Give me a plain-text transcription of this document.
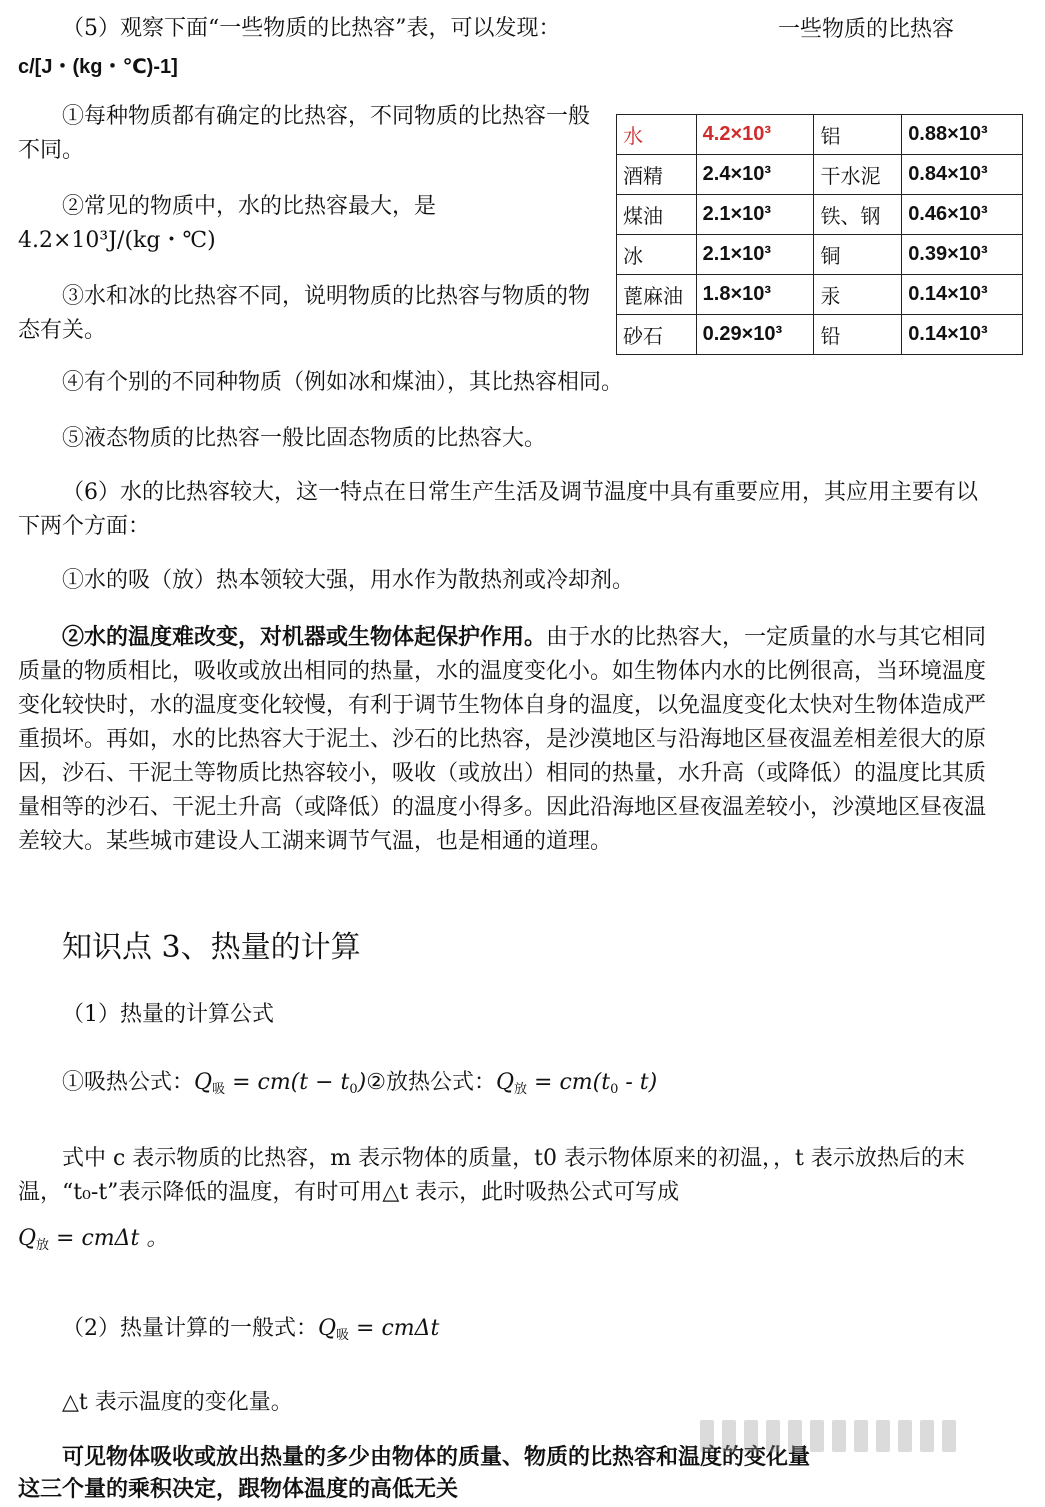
（5）观察下面“一些物质的比热容”表，可以发现：	一些物质的比热容
c/[J・(kg・℃)-1]
①每种物质都有确定的比热容，不同物质的比热容一般不同。
②常见的物质中，水的比热容最大，是 4.2×10³J/(kg・℃)
③水和冰的比热容不同，说明物质的比热容与物质的物态有关。
④有个别的不同种物质（例如冰和煤油），其比热容相同。
⑤液态物质的比热容一般比固态物质的比热容大。
水	4.2×10³	铝	0.88×10³
酒精	2.4×10³	干水泥	0.84×10³
煤油	2.1×10³	铁、钢	0.46×10³
冰	2.1×10³	铜	0.39×10³
蓖麻油	1.8×10³	汞	0.14×10³
砂石	0.29×10³	铅	0.14×10³
（6）水的比热容较大，这一特点在日常生产生活及调节温度中具有重要应用，其应用主要有以下两个方面：
①水的吸（放）热本领较大强，用水作为散热剂或冷却剂。
②水的温度难改变，对机器或生物体起保护作用。由于水的比热容大，一定质量的水与其它相同质量的物质相比，吸收或放出相同的热量，水的温度变化小。如生物体内水的比例很高，当环境温度变化较快时，水的温度变化较慢，有利于调节生物体自身的温度，以免温度变化太快对生物体造成严重损坏。再如，水的比热容大于泥土、沙石的比热容，是沙漠地区与沿海地区昼夜温差相差很大的原因，沙石、干泥土等物质比热容较小，吸收（或放出）相同的热量，水升高（或降低）的温度比其质量相等的沙石、干泥土升高（或降低）的温度小得多。因此沿海地区昼夜温差较小，沙漠地区昼夜温差较大。某些城市建设人工湖来调节气温，也是相通的道理。
知识点 3、热量的计算
（1）热量的计算公式
①吸热公式：$Q_吸 = cm(t$ − $t_0)②$放热公式：$Q_放 = cm(t_0 - t)$
式中 c 表示物质的比热容，m 表示物体的质量，t0 表示物体原来的初温，，t 表示放热后的末温，“t₀-t”表示降低的温度，有时可用△t 表示，此时吸热公式可写成
$Q_放 = cm\Delta t$ 。
（2）热量计算的一般式：$Q_吸 = cm\Delta t$
△t 表示温度的变化量。
可见物体吸收或放出热量的多少由物体的质量、物质的比热容和温度的变化量
这三个量的乘积决定，跟物体温度的高低无关
